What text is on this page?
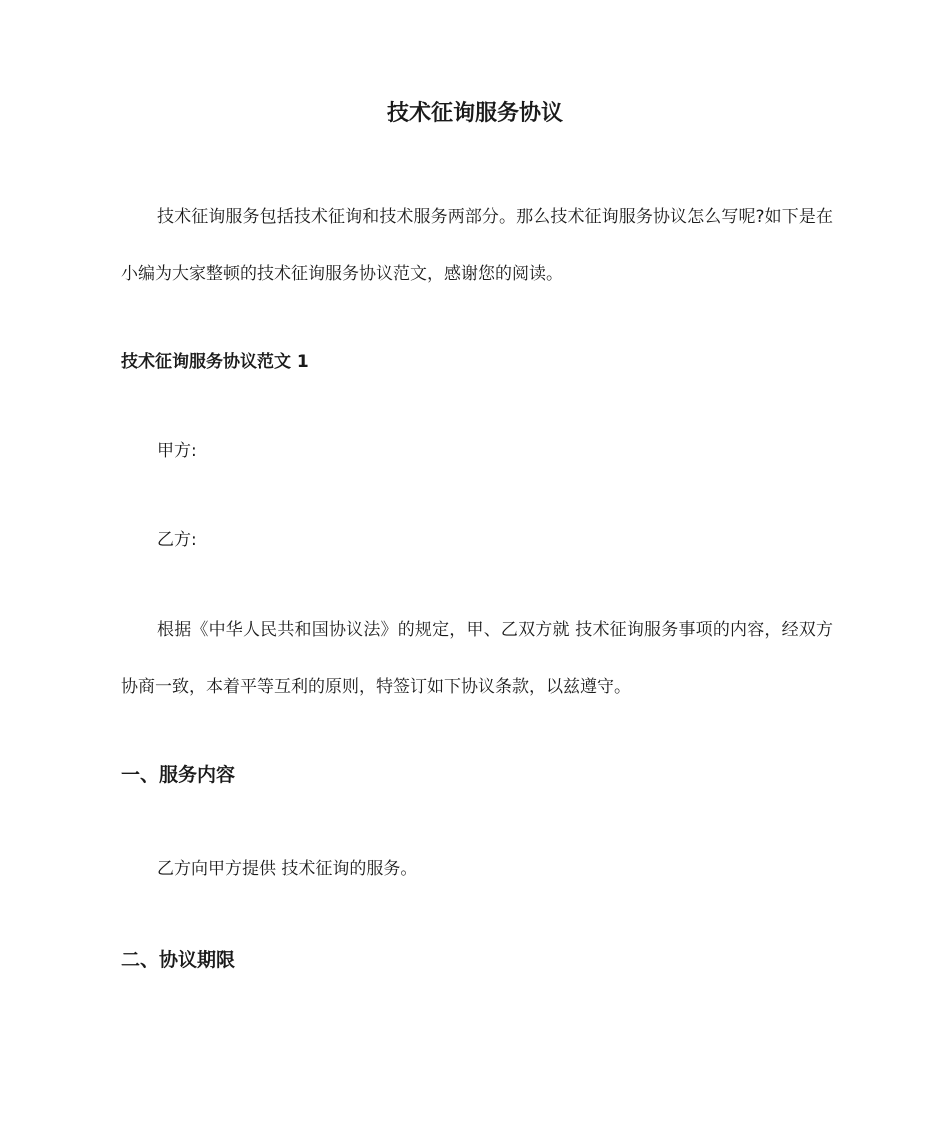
技术征询服务协议
技术征询服务包括技术征询和技术服务两部分。那么技术征询服务协议怎么写呢?如下是在小编为大家整顿的技术征询服务协议范文，感谢您的阅读。
技术征询服务协议范文 1
甲方:
乙方:
根据《中华人民共和国协议法》的规定，甲、乙双方就 技术征询服务事项的内容，经双方协商一致，本着平等互利的原则，特签订如下协议条款，以兹遵守。
一、服务内容
乙方向甲方提供 技术征询的服务。
二、协议期限
